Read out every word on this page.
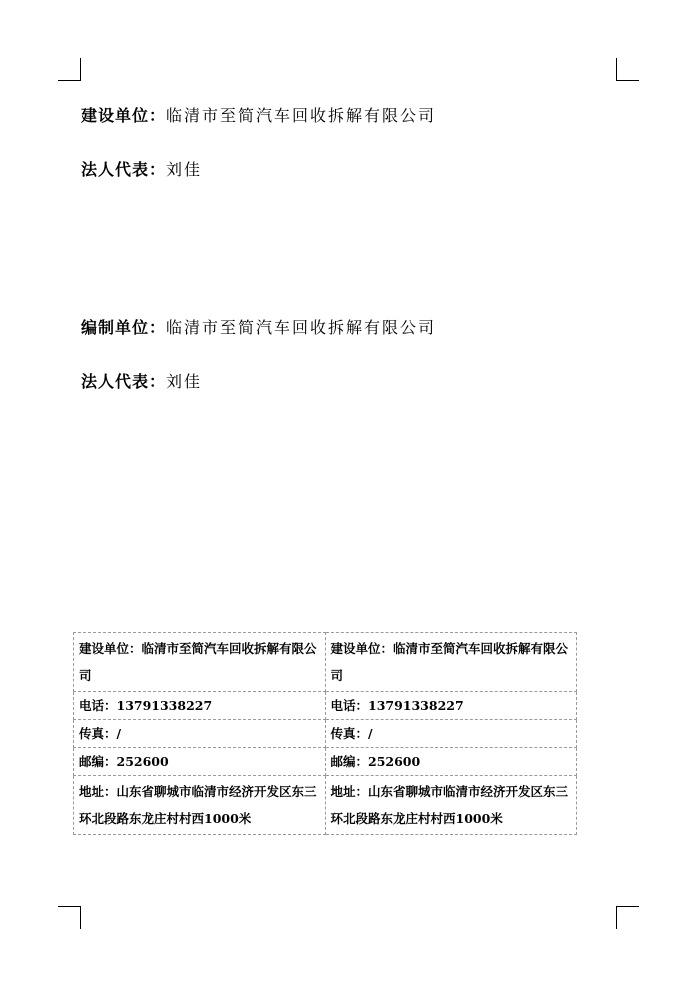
建设单位：临清市至简汽车回收拆解有限公司
法人代表：刘佳
编制单位：临清市至简汽车回收拆解有限公司
法人代表：刘佳
建设单位：临清市至简汽车回收拆解有限公司	建设单位：临清市至简汽车回收拆解有限公司
电话：13791338227	电话：13791338227
传真：/	传真：/
邮编：252600	邮编：252600
地址：山东省聊城市临清市经济开发区东三环北段路东龙庄村村西1000米	地址：山东省聊城市临清市经济开发区东三环北段路东龙庄村村西1000米
